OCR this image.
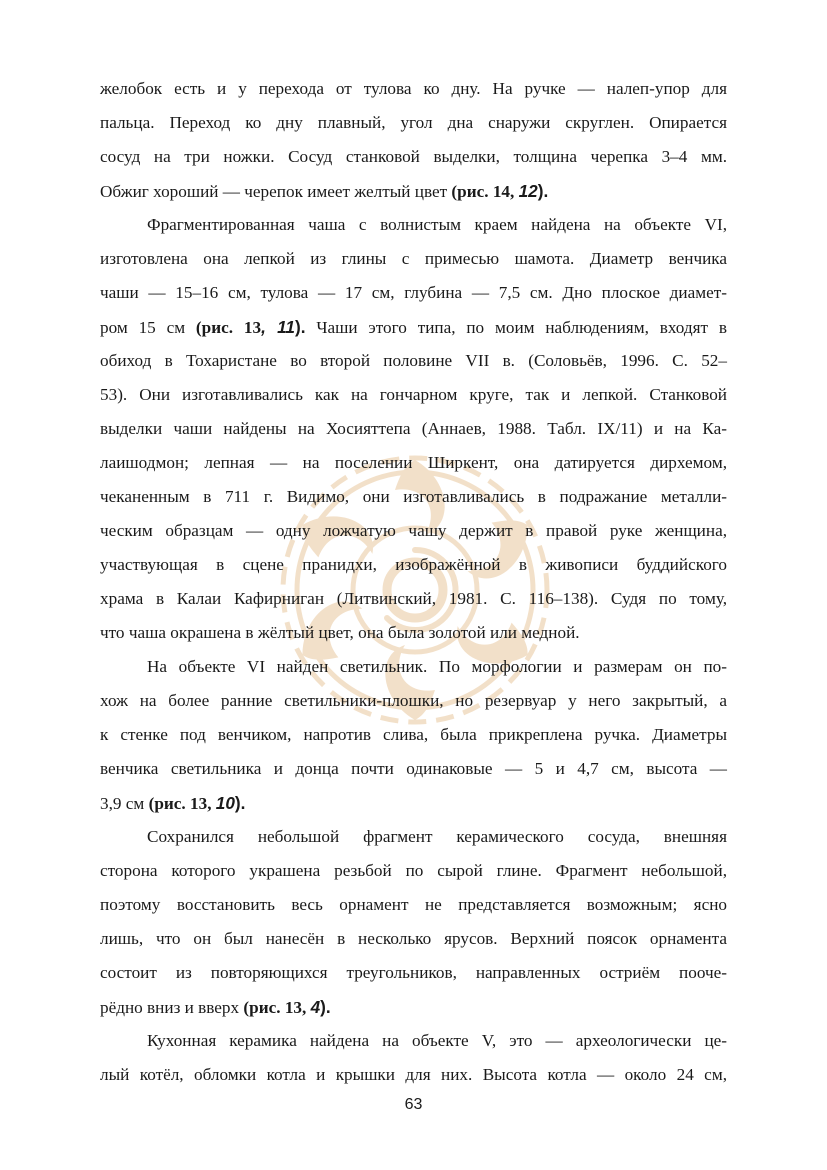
желобок есть и у перехода от тулова ко дну. На ручке — налеп-упор для
пальца. Переход ко дну плавный, угол дна снаружи скруглен. Опирается
сосуд на три ножки. Сосуд станковой выделки, толщина черепка 3–4 мм.
Обжиг хороший — черепок имеет желтый цвет (рис. 14, 12).
Фрагментированная чаша с волнистым краем найдена на объекте VI,
изготовлена она лепкой из глины с примесью шамота. Диаметр венчика
чаши — 15–16 см, тулова — 17 см, глубина — 7,5 см. Дно плоское диамет-
ром 15 см (рис. 13, 11). Чаши этого типа, по моим наблюдениям, входят в
обиход в Тохаристане во второй половине VII в. (Соловьёв, 1996. С. 52–
53). Они изготавливались как на гончарном круге, так и лепкой. Станковой
выделки чаши найдены на Хосияттепа (Аннаев, 1988. Табл. IX/11) и на Ка-
лаишодмон; лепная — на поселении Ширкент, она датируется дирхемом,
чеканенным в 711 г. Видимо, они изготавливались в подражание металли-
ческим образцам — одну ложчатую чашу держит в правой руке женщина,
участвующая в сцене пранидхи, изображённой в живописи буддийского
храма в Калаи Кафирниган (Литвинский, 1981. С. 116–138). Судя по тому,
что чаша окрашена в жёлтый цвет, она была золотой или медной.
На объекте VI найден светильник. По морфологии и размерам он по-
хож на более ранние светильники-плошки, но резервуар у него закрытый, а
к стенке под венчиком, напротив слива, была прикреплена ручка. Диаметры
венчика светильника и донца почти одинаковые — 5 и 4,7 см, высота —
3,9 см (рис. 13, 10).
Сохранился небольшой фрагмент керамического сосуда, внешняя
сторона которого украшена резьбой по сырой глине. Фрагмент небольшой,
поэтому восстановить весь орнамент не представляется возможным; ясно
лишь, что он был нанесён в несколько ярусов. Верхний поясок орнамента
состоит из повторяющихся треугольников, направленных остриём пооче-
рёдно вниз и вверх (рис. 13, 4).
Кухонная керамика найдена на объекте V, это — археологически це-
лый котёл, обломки котла и крышки для них. Высота котла — около 24 см,
63
